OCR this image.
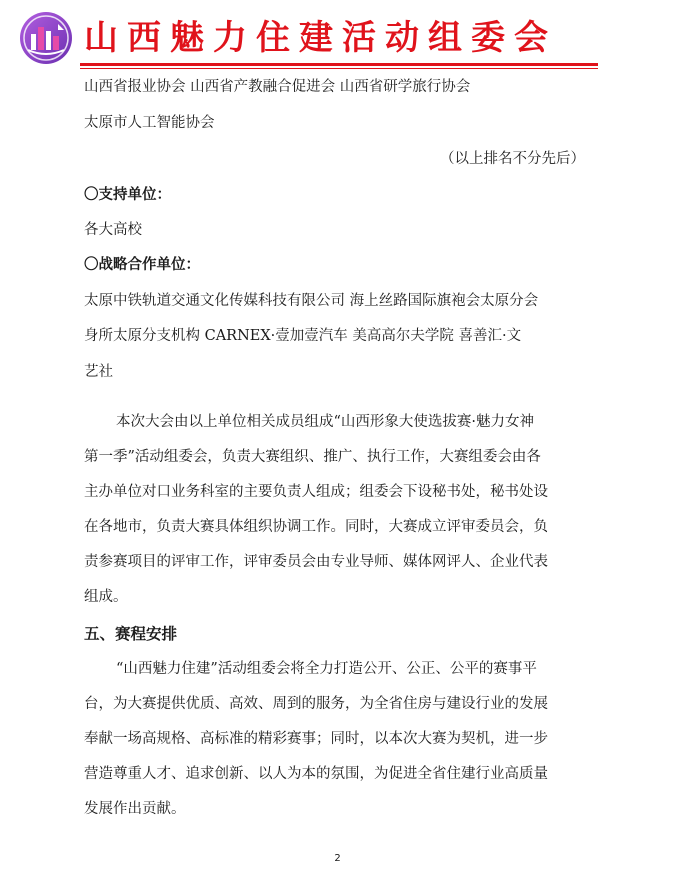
山西魅力住建活动组委会
山西省报业协会 山西省产教融合促进会 山西省研学旅行协会
太原市人工智能协会
（以上排名不分先后）
〇支持单位：
各大高校
〇战略合作单位：
太原中铁轨道交通文化传媒科技有限公司 海上丝路国际旗袍会太原分会
身所太原分支机构 CARNEX·壹加壹汽车 美高高尔夫学院 喜善汇·文
艺社
本次大会由以上单位相关成员组成“山西形象大使选拔赛·魅力女神
第一季”活动组委会，负责大赛组织、推广、执行工作，大赛组委会由各
主办单位对口业务科室的主要负责人组成；组委会下设秘书处，秘书处设
在各地市，负责大赛具体组织协调工作。同时，大赛成立评审委员会，负
责参赛项目的评审工作，评审委员会由专业导师、媒体网评人、企业代表
组成。
五、赛程安排
“山西魅力住建”活动组委会将全力打造公开、公正、公平的赛事平
台，为大赛提供优质、高效、周到的服务，为全省住房与建设行业的发展
奉献一场高规格、高标准的精彩赛事；同时，以本次大赛为契机，进一步
营造尊重人才、追求创新、以人为本的氛围，为促进全省住建行业高质量
发展作出贡献。
2
